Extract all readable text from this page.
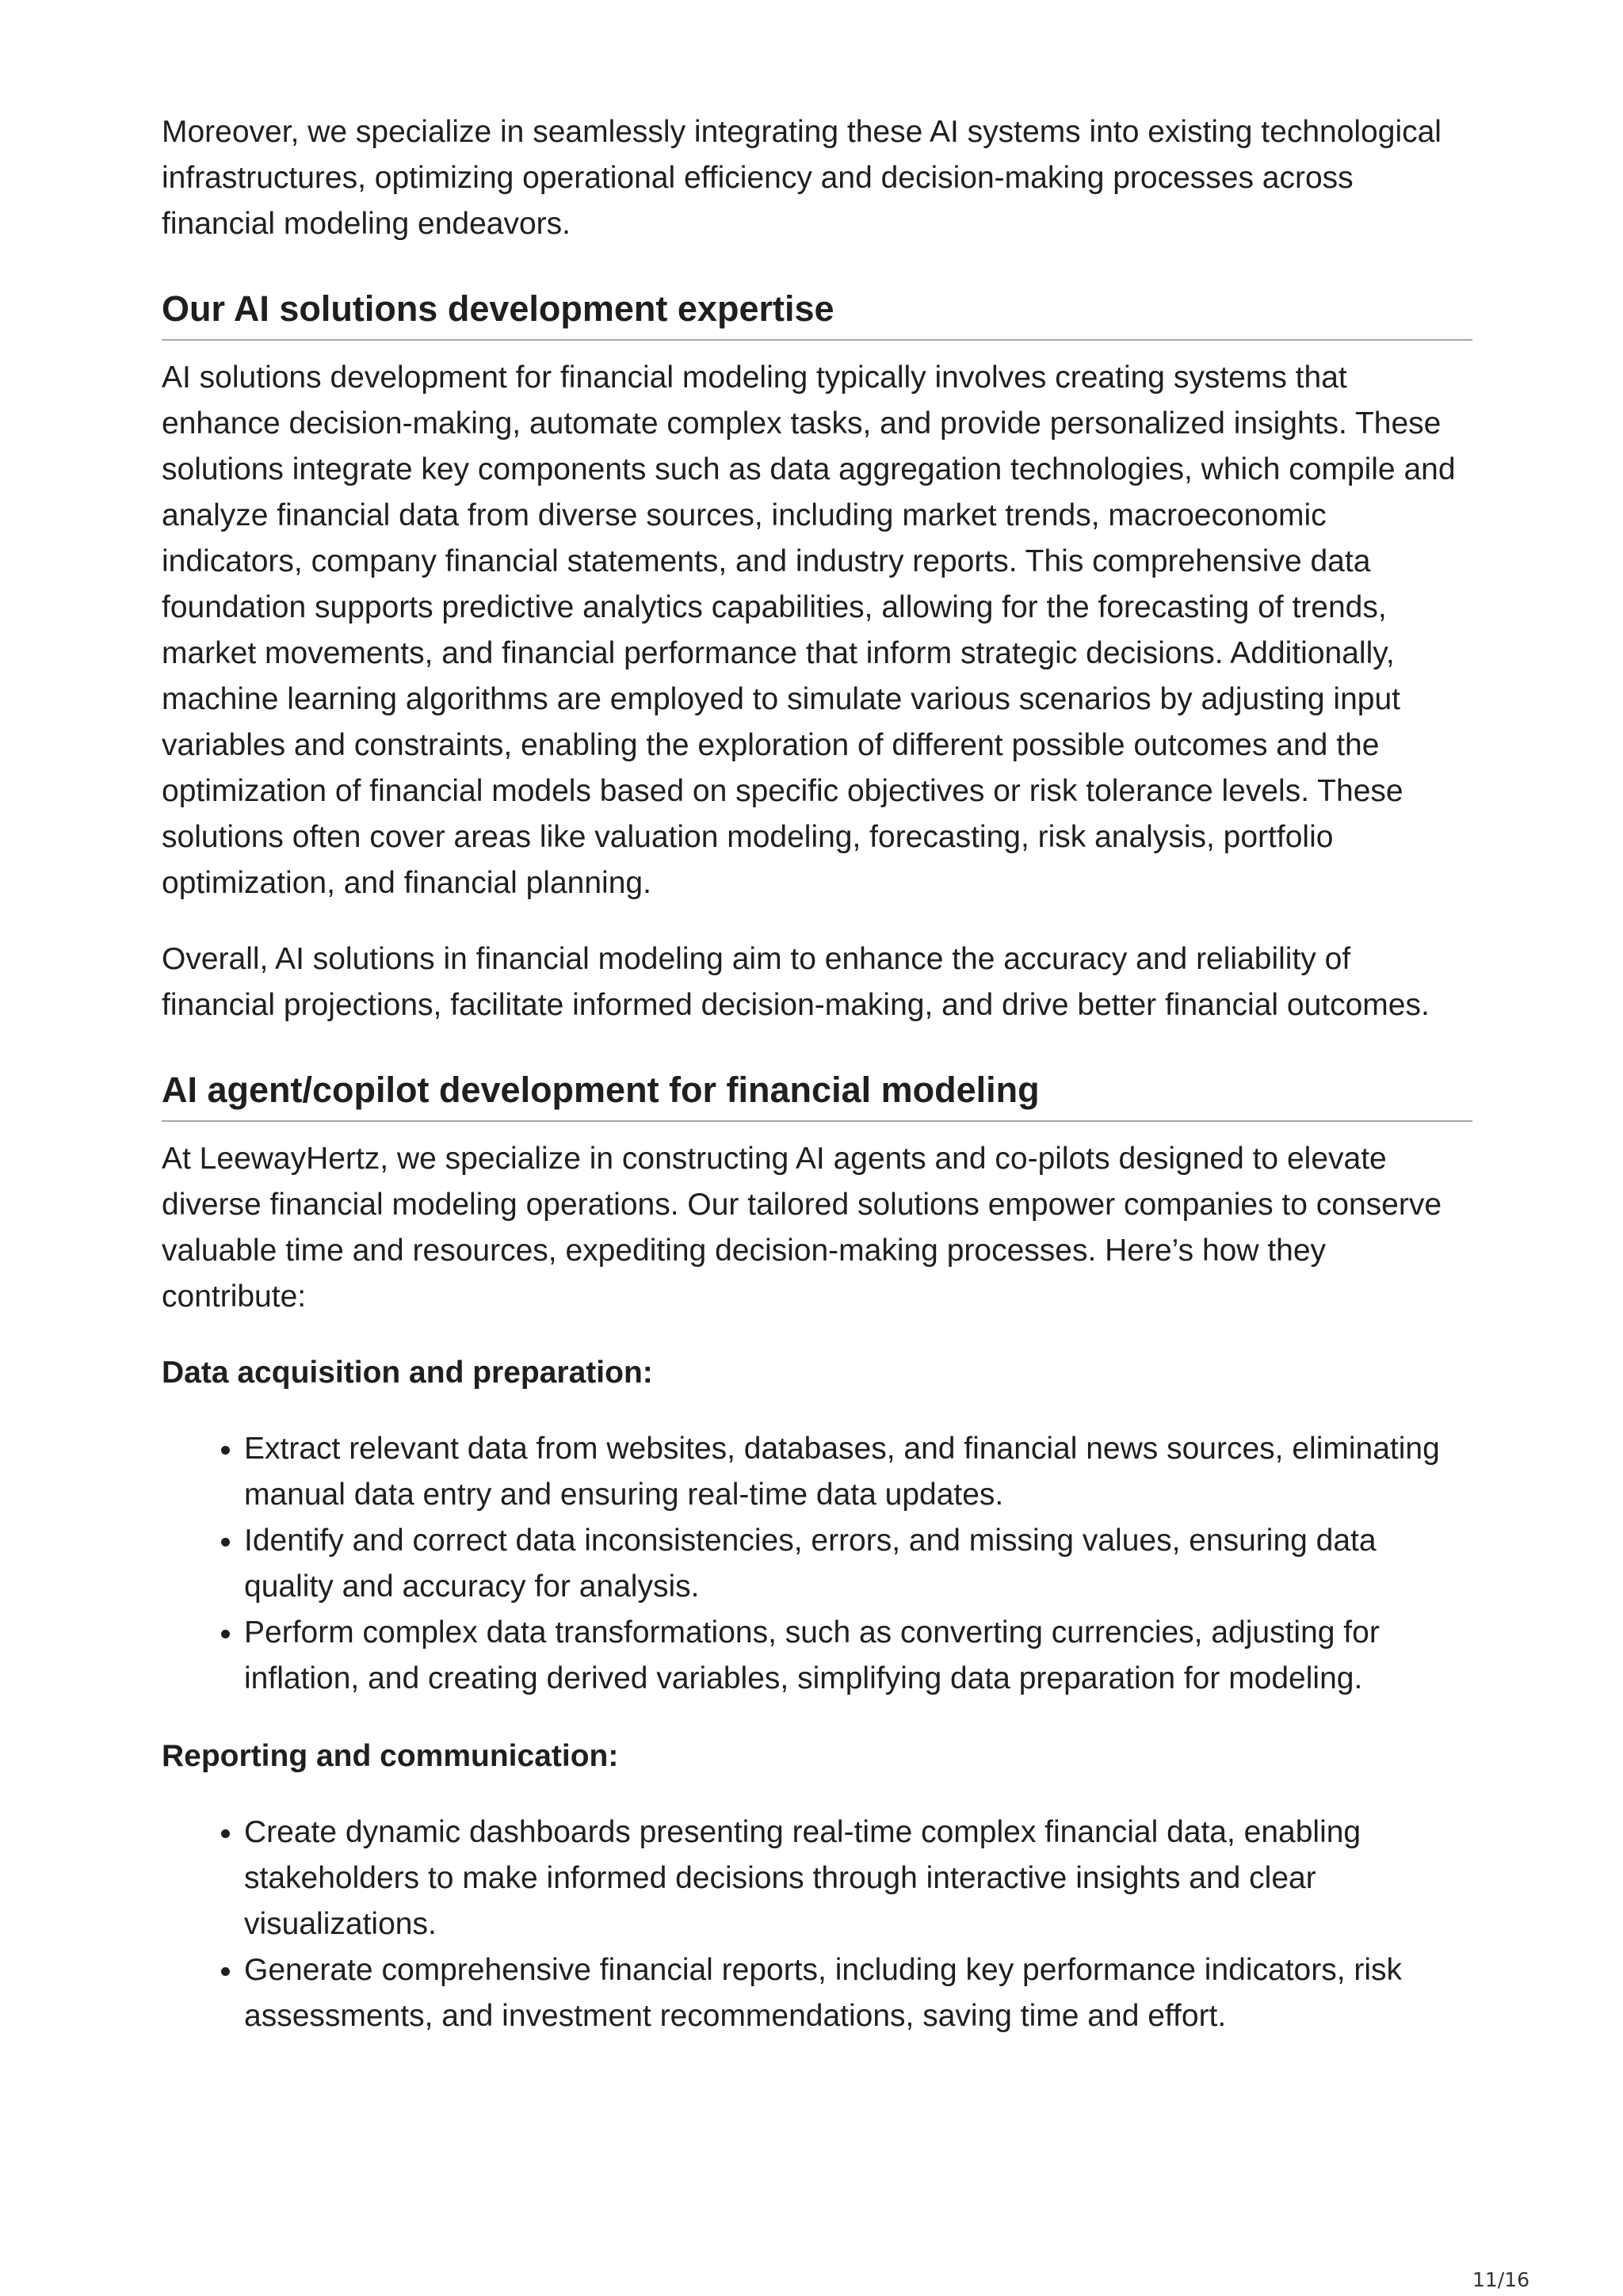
Moreover, we specialize in seamlessly integrating these AI systems into existing technological infrastructures, optimizing operational efficiency and decision-making processes across financial modeling endeavors.

Our AI solutions development expertise

AI solutions development for financial modeling typically involves creating systems that enhance decision-making, automate complex tasks, and provide personalized insights. These solutions integrate key components such as data aggregation technologies, which compile and analyze financial data from diverse sources, including market trends, macroeconomic indicators, company financial statements, and industry reports. This comprehensive data foundation supports predictive analytics capabilities, allowing for the forecasting of trends, market movements, and financial performance that inform strategic decisions. Additionally, machine learning algorithms are employed to simulate various scenarios by adjusting input variables and constraints, enabling the exploration of different possible outcomes and the optimization of financial models based on specific objectives or risk tolerance levels. These solutions often cover areas like valuation modeling, forecasting, risk analysis, portfolio optimization, and financial planning.

Overall, AI solutions in financial modeling aim to enhance the accuracy and reliability of financial projections, facilitate informed decision-making, and drive better financial outcomes.

AI agent/copilot development for financial modeling

At LeewayHertz, we specialize in constructing AI agents and co-pilots designed to elevate diverse financial modeling operations. Our tailored solutions empower companies to conserve valuable time and resources, expediting decision-making processes. Here’s how they contribute:

Data acquisition and preparation:

• Extract relevant data from websites, databases, and financial news sources, eliminating manual data entry and ensuring real-time data updates.
• Identify and correct data inconsistencies, errors, and missing values, ensuring data quality and accuracy for analysis.
• Perform complex data transformations, such as converting currencies, adjusting for inflation, and creating derived variables, simplifying data preparation for modeling.

Reporting and communication:

• Create dynamic dashboards presenting real-time complex financial data, enabling stakeholders to make informed decisions through interactive insights and clear visualizations.
• Generate comprehensive financial reports, including key performance indicators, risk assessments, and investment recommendations, saving time and effort.
11/16
